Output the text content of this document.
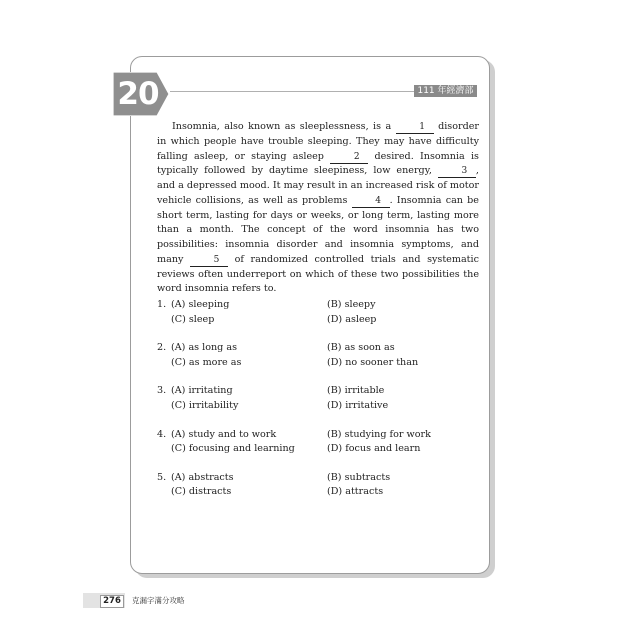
20	111 年經濟部

Insomnia, also known as sleeplessness, is a	1 disorder in which people have trouble sleeping. They may have difficulty falling asleep, or staying asleep	2 desired. Insomnia is typically followed by daytime sleepiness, low energy,	3 , and a depressed mood. It may result in an increased risk of motor vehicle collisions, as well as problems	4 . Insomnia can be short term, lasting for days or weeks, or long term, lasting more than a month. The concept of the word insomnia has two possibilities: insomnia disorder and insomnia symptoms, and many	5 of randomized controlled trials and systematic reviews often underreport on which of these two possibilities the word insomnia refers to.

1. (A) sleeping	(B) sleepy
(C) sleep	(D) asleep
2. (A) as long as	(B) as soon as
(C) as more as	(D) no sooner than
3. (A) irritating	(B) irritable
(C) irritability	(D) irritative
4. (A) study and to work	(B) studying for work
(C) focusing and learning	(D) focus and learn
5. (A) abstracts	(B) subtracts
(C) distracts	(D) attracts
276	克漏字滿分攻略
